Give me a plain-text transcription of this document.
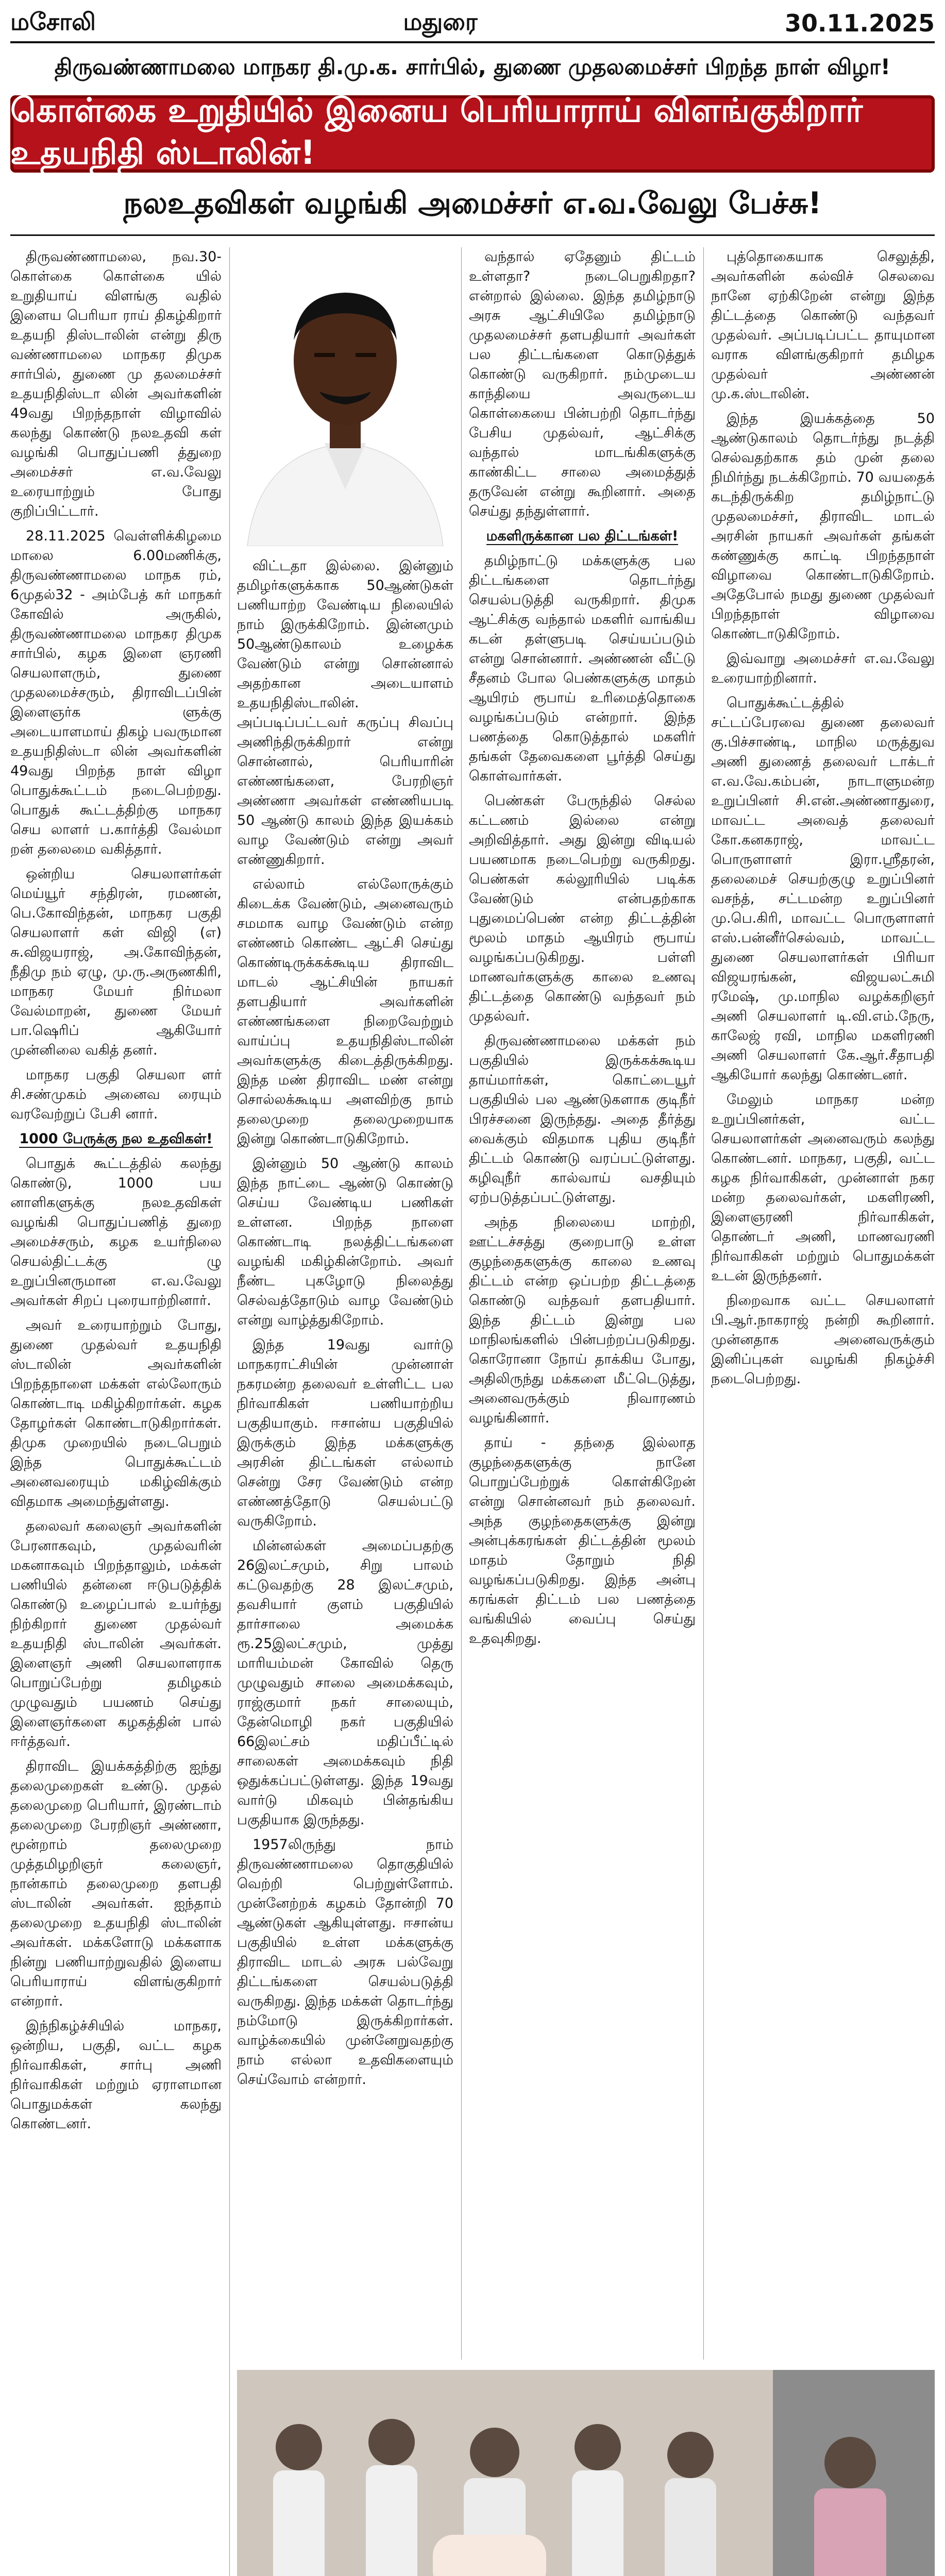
மசோலி	மதுரை	30.11.2025
திருவண்ணாமலை மாநகர தி.மு.க. சார்பில், துணை முதலமைச்சர் பிறந்த நாள் விழா!
கொள்கை உறுதியில் இனைய பெரியாராய் விளங்குகிறார் உதயநிதி ஸ்டாலின்!
நலஉதவிகள் வழங்கி அமைச்சர் எ.வ.வேலு பேச்சு!

திருவண்ணாமலை, நவ.30- கொள்கை கொள்கை யில் உறுதியாய் விளங்கு வதில் இளைய பெரியா ராய் திகழ்கிறார் உதயநி திஸ்டாலின் என்று திரு வண்ணாமலை மாநகர திமுக சார்பில், துணை மு தலமைச்சர் உதயநிதிஸ்டா லின் அவர்களின் 49வது பிறந்தநாள் விழாவில் கலந்து கொண்டு நலஉதவி கள் வழங்கி பொதுப்பணி த்துறை அமைச்சர் எ.வ.வேலு உரையாற்றும் போது குறிப்பிட்டார்.

28.11.2025 வெள்ளிக்கிழமை மாலை 6.00மணிக்கு, திருவண்ணாமலை மாநக ரம், 6முதல்32 - அம்பேத் கர் மாநகர் கோவில் அருகில், திருவண்ணாமலை மாநகர திமுக சார்பில், கழக இளை ஞரணி செயலாளரும், துணை முதலமைச்சரும், திராவிடப்பின் இளைஞர்க ளுக்கு அடையாளமாய் திகழ் பவருமான உதயநிதிஸ்டா லின் அவர்களின் 49வது பிறந்த நாள் விழா பொதுக்கூட்டம் நடைபெற்றது. பொதுக் கூட்டத்திற்கு மாநகர செய லாளர் ப.கார்த்தி வேல்மா றன் தலைமை வகித்தார்.

ஒன்றிய செயலாளர்கள் மெய்யூர் சந்திரன், ரமணன், பெ.கோவிந்தன், மாநகர பகுதி செயலாளர் கள் விஜி (எ) சு.விஜயராஜ், அ.கோவிந்தன், நீதிமு நம் ஏழு, மு.ரு.அருணகிரி, மாநகர மேயர் நிர்மலா வேல்மாறன், துணை மேயர் பா.ஷெரிப் ஆகியோர் முன்னிலை வகித் தனர்.

மாநகர பகுதி செயலா ளர் சி.சண்முகம் அனைவ ரையும் வரவேற்றுப் பேசி னார்.

1000 பேருக்கு நல உதவிகள்!

பொதுக் கூட்டத்தில் கலந்து கொண்டு, 1000 பய னாளிகளுக்கு நலஉதவிகள் வழங்கி பொதுப்பணித் துறை அமைச்சரும், கழக உயர்நிலை செயல்திட்டக்கு ழு உறுப்பினருமான எ.வ.வேலு அவர்கள் சிறப் புரையாற்றினார்.

அவர் உரையாற்றும் போது, துணை முதல்வர் உதயநிதி ஸ்டாலின் அவர்களின் பிறந்தநாளை மக்கள் எல்லோரும் கொண்டாடி மகிழ்கிறார்கள். கழக தோழர்கள் கொண்டாடுகிறார்கள். திமுக முறையில் நடைபெறும் இந்த பொதுக்கூட்டம் அனைவரையும் மகிழ்விக்கும் விதமாக அமைந்துள்ளது.

தலைவர் கலைஞர் அவர்களின் பேரனாகவும், முதல்வரின் மகனாகவும் பிறந்தாலும், மக்கள் பணியில் தன்னை ஈடுபடுத்திக் கொண்டு உழைப்பால் உயர்ந்து நிற்கிறார் துணை முதல்வர் உதயநிதி ஸ்டாலின் அவர்கள். இளைஞர் அணி செயலாளராக பொறுப்பேற்று தமிழகம் முழுவதும் பயணம் செய்து இளைஞர்களை கழகத்தின் பால் ஈர்த்தவர்.

திராவிட இயக்கத்திற்கு ஐந்து தலைமுறைகள் உண்டு. முதல் தலைமுறை பெரியார், இரண்டாம் தலைமுறை பேரறிஞர் அண்ணா, மூன்றாம் தலைமுறை முத்தமிழறிஞர் கலைஞர், நான்காம் தலைமுறை தளபதி ஸ்டாலின் அவர்கள். ஐந்தாம் தலைமுறை உதயநிதி ஸ்டாலின் அவர்கள். மக்களோடு மக்களாக நின்று பணியாற்றுவதில் இளைய பெரியாராய் விளங்குகிறார் என்றார்.

இந்நிகழ்ச்சியில் மாநகர, ஒன்றிய, பகுதி, வட்ட கழக நிர்வாகிகள், சார்பு அணி நிர்வாகிகள் மற்றும் ஏராளமான பொதுமக்கள் கலந்து கொண்டனர்.

விட்டதா இல்லை. இன்னும் தமிழர்களுக்காக 50ஆண்டுகள் பணியாற்ற வேண்டிய நிலையில் நாம் இருக்கிறோம். இன்னமும் 50ஆண்டுகாலம் உழைக்க வேண்டும் என்று சொன்னால் அதற்கான அடையாளம் உதயநிதிஸ்டாலின். அப்படிப்பட்டவர் கருப்பு சிவப்பு அணிந்திருக்கிறார் என்று சொன்னால், பெரியாரின் எண்ணங்களை, பேரறிஞர் அண்ணா அவர்கள் எண்ணியபடி 50 ஆண்டு காலம் இந்த இயக்கம் வாழ வேண்டும் என்று அவர் எண்ணுகிறார்.

எல்லாம் எல்லோருக்கும் கிடைக்க வேண்டும், அனைவரும் சமமாக வாழ வேண்டும் என்ற எண்ணம் கொண்ட ஆட்சி செய்து கொண்டிருக்கக்கூடிய திராவிட மாடல் ஆட்சியின் நாயகர் தளபதியார் அவர்களின் எண்ணங்களை நிறைவேற்றும் வாய்ப்பு உதயநிதிஸ்டாலின் அவர்களுக்கு கிடைத்திருக்கிறது. இந்த மண் திராவிட மண் என்று சொல்லக்கூடிய அளவிற்கு நாம் தலைமுறை தலைமுறையாக இன்று கொண்டாடுகிறோம்.

இன்னும் 50 ஆண்டு காலம் இந்த நாட்டை ஆண்டு கொண்டு செய்ய வேண்டிய பணிகள் உள்ளன. பிறந்த நாளை கொண்டாடி நலத்திட்டங்களை வழங்கி மகிழ்கின்றோம். அவர் நீண்ட புகழோடு நிலைத்து செல்வத்தோடும் வாழ வேண்டும் என்று வாழ்த்துகிறோம்.

இந்த 19வது வார்டு மாநகராட்சியின் முன்னாள் நகரமன்ற தலைவர் உள்ளிட்ட பல நிர்வாகிகள் பணியாற்றிய பகுதியாகும். ஈசான்ய பகுதியில் இருக்கும் இந்த மக்களுக்கு அரசின் திட்டங்கள் எல்லாம் சென்று சேர வேண்டும் என்ற எண்ணத்தோடு செயல்பட்டு வருகிறோம்.

மின்னல்கள் அமைப்பதற்கு 26இலட்சமும், சிறு பாலம் கட்டுவதற்கு 28 இலட்சமும், தவசியார் குளம் பகுதியில் தார்சாலை அமைக்க ரூ.25இலட்சமும், முத்து மாரியம்மன் கோவில் தெரு முழுவதும் சாலை அமைக்கவும், ராஜ்குமார் நகர் சாலையும், தேன்மொழி நகர் பகுதியில் 66இலட்சம் மதிப்பீட்டில் சாலைகள் அமைக்கவும் நிதி ஒதுக்கப்பட்டுள்ளது. இந்த 19வது வார்டு மிகவும் பின்தங்கிய பகுதியாக இருந்தது.

1957லிருந்து நாம் திருவண்ணாமலை தொகுதியில் வெற்றி பெற்றுள்ளோம். முன்னேற்றக் கழகம் தோன்றி 70 ஆண்டுகள் ஆகியுள்ளது. ஈசான்ய பகுதியில் உள்ள மக்களுக்கு திராவிட மாடல் அரசு பல்வேறு திட்டங்களை செயல்படுத்தி வருகிறது. இந்த மக்கள் தொடர்ந்து நம்மோடு இருக்கிறார்கள். வாழ்க்கையில் முன்னேறுவதற்கு நாம் எல்லா உதவிகளையும் செய்வோம் என்றார்.

வந்தால் ஏதேனும் திட்டம் உள்ளதா? நடைபெறுகிறதா? என்றால் இல்லை. இந்த தமிழ்நாடு அரசு ஆட்சியிலே தமிழ்நாடு முதலமைச்சர் தளபதியார் அவர்கள் பல திட்டங்களை கொடுத்துக் கொண்டு வருகிறார். நம்முடைய காந்தியை அவருடைய கொள்கையை பின்பற்றி தொடர்ந்து பேசிய முதல்வர், ஆட்சிக்கு வந்தால் மாடங்கிகளுக்கு காண்கிட்ட சாலை அமைத்துத் தருவேன் என்று கூறினார். அதை செய்து தந்துள்ளார்.

மகளிருக்கான பல திட்டங்கள்!

தமிழ்நாட்டு மக்களுக்கு பல திட்டங்களை தொடர்ந்து செயல்படுத்தி வருகிறார். திமுக ஆட்சிக்கு வந்தால் மகளிர் வாங்கிய கடன் தள்ளுபடி செய்யப்படும் என்று சொன்னார். அண்ணன் வீட்டு சீதனம் போல பெண்களுக்கு மாதம் ஆயிரம் ரூபாய் உரிமைத்தொகை வழங்கப்படும் என்றார். இந்த பணத்தை கொடுத்தால் மகளிர் தங்கள் தேவைகளை பூர்த்தி செய்து கொள்வார்கள்.

பெண்கள் பேருந்தில் செல்ல கட்டணம் இல்லை என்று அறிவித்தார். அது இன்று விடியல் பயணமாக நடைபெற்று வருகிறது. பெண்கள் கல்லூரியில் படிக்க வேண்டும் என்பதற்காக புதுமைப்பெண் என்ற திட்டத்தின் மூலம் மாதம் ஆயிரம் ரூபாய் வழங்கப்படுகிறது. பள்ளி மாணவர்களுக்கு காலை உணவு திட்டத்தை கொண்டு வந்தவர் நம் முதல்வர்.

திருவண்ணாமலை மக்கள் நம் பகுதியில் இருக்கக்கூடிய தாய்மார்கள், கொட்டையூர் பகுதியில் பல ஆண்டுகளாக குடிநீர் பிரச்சனை இருந்தது. அதை தீர்த்து வைக்கும் விதமாக புதிய குடிநீர் திட்டம் கொண்டு வரப்பட்டுள்ளது. கழிவுநீர் கால்வாய் வசதியும் ஏற்படுத்தப்பட்டுள்ளது.

அந்த நிலையை மாற்றி, ஊட்டச்சத்து குறைபாடு உள்ள குழந்தைகளுக்கு காலை உணவு திட்டம் என்ற ஒப்பற்ற திட்டத்தை கொண்டு வந்தவர் தளபதியார். இந்த திட்டம் இன்று பல மாநிலங்களில் பின்பற்றப்படுகிறது. கொரோனா நோய் தாக்கிய போது, அதிலிருந்து மக்களை மீட்டெடுத்து, அனைவருக்கும் நிவாரணம் வழங்கினார்.

தாய் - தந்தை இல்லாத குழந்தைகளுக்கு நானே பொறுப்பேற்றுக் கொள்கிறேன் என்று சொன்னவர் நம் தலைவர். அந்த குழந்தைகளுக்கு இன்று அன்புக்கரங்கள் திட்டத்தின் மூலம் மாதம் தோறும் நிதி வழங்கப்படுகிறது. இந்த அன்பு கரங்கள் திட்டம் பல பணத்தை வங்கியில் வைப்பு செய்து உதவுகிறது.

புத்தொகையாக செலுத்தி, அவர்களின் கல்விச் செலவை நானே ஏற்கிறேன் என்று இந்த திட்டத்தை கொண்டு வந்தவர் முதல்வர். அப்படிப்பட்ட தாயுமான வராக விளங்குகிறார் தமிழக முதல்வர் அண்ணன் மு.க.ஸ்டாலின்.

இந்த இயக்கத்தை 50 ஆண்டுகாலம் தொடர்ந்து நடத்தி செல்வதற்காக தம் முன் தலை நிமிர்ந்து நடக்கிறோம். 70 வயதைக் கடந்திருக்கிற தமிழ்நாட்டு முதலமைச்சர், திராவிட மாடல் அரசின் நாயகர் அவர்கள் தங்கள் கண்ணுக்கு காட்டி பிறந்தநாள் விழாவை கொண்டாடுகிறோம். அதேபோல் நமது துணை முதல்வர் பிறந்தநாள் விழாவை கொண்டாடுகிறோம்.

இவ்வாறு அமைச்சர் எ.வ.வேலு உரையாற்றினார்.

பொதுக்கூட்டத்தில் சட்டப்பேரவை துணை தலைவர் கு.பிச்சாண்டி, மாநில மருத்துவ அணி துணைத் தலைவர் டாக்டர் எ.வ.வே.கம்பன், நாடாளுமன்ற உறுப்பினர் சி.என்.அண்ணாதுரை, மாவட்ட அவைத் தலைவர் கோ.கனகராஜ், மாவட்ட பொருளாளர் இரா.ஸ்ரீதரன், தலைமைச் செயற்குழு உறுப்பினர் வசந்த், சட்டமன்ற உறுப்பினர் மு.பெ.கிரி, மாவட்ட பொருளாளர் எஸ்.பன்னீர்செல்வம், மாவட்ட துணை செயலாளர்கள் பிரியா விஜயரங்கன், விஜயலட்சுமி ரமேஷ், மு.மாநில வழக்கறிஞர் அணி செயலாளர் டி.வி.எம்.நேரு, காலேஜ் ரவி, மாநில மகளிரணி அணி செயலாளர் கே.ஆர்.சீதாபதி ஆகியோர் கலந்து கொண்டனர்.

மேலும் மாநகர மன்ற உறுப்பினர்கள், வட்ட செயலாளர்கள் அனைவரும் கலந்து கொண்டனர். மாநகர, பகுதி, வட்ட கழக நிர்வாகிகள், முன்னாள் நகர மன்ற தலைவர்கள், மகளிரணி, இளைஞரணி நிர்வாகிகள், தொண்டர் அணி, மாணவரணி நிர்வாகிகள் மற்றும் பொதுமக்கள் உடன் இருந்தனர்.

நிறைவாக வட்ட செயலாளர் பி.ஆர்.நாகராஜ் நன்றி கூறினார். முன்னதாக அனைவருக்கும் இனிப்புகள் வழங்கி நிகழ்ச்சி நடைபெற்றது.
